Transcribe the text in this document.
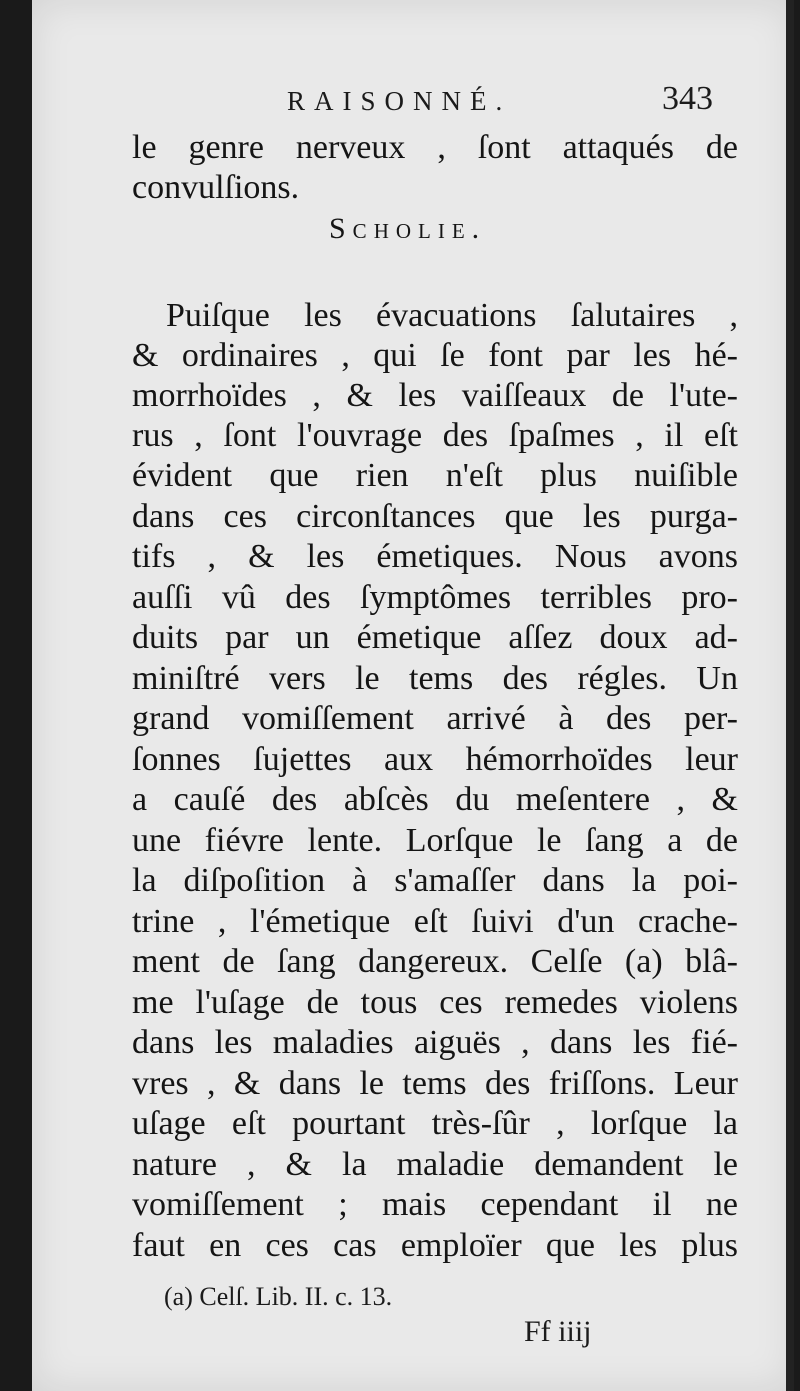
RAISONNÉ.	343
le genre nerveux , ſont attaqués de
convulſions.
Scholie.
Puiſque les évacuations ſalutaires ,
& ordinaires , qui ſe font par les hé-
morrhoïdes , & les vaiſſeaux de l'ute-
rus , ſont l'ouvrage des ſpaſmes , il eſt
évident que rien n'eſt plus nuiſible
dans ces circonſtances que les purga-
tifs , & les émetiques. Nous avons
auſſi vû des ſymptômes terribles pro-
duits par un émetique aſſez doux ad-
miniſtré vers le tems des régles. Un
grand vomiſſement arrivé à des per-
ſonnes ſujettes aux hémorrhoïdes leur
a cauſé des abſcès du meſentere , &
une fiévre lente. Lorſque le ſang a de
la diſpoſition à s'amaſſer dans la poi-
trine , l'émetique eſt ſuivi d'un crache-
ment de ſang dangereux. Celſe (a) blâ-
me l'uſage de tous ces remedes violens
dans les maladies aiguës , dans les fié-
vres , & dans le tems des friſſons. Leur
uſage eſt pourtant très-ſûr , lorſque la
nature , & la maladie demandent le
vomiſſement ; mais cependant il ne
faut en ces cas emploïer que les plus
(a) Celſ. Lib. II. c. 13.
Ff iiij
